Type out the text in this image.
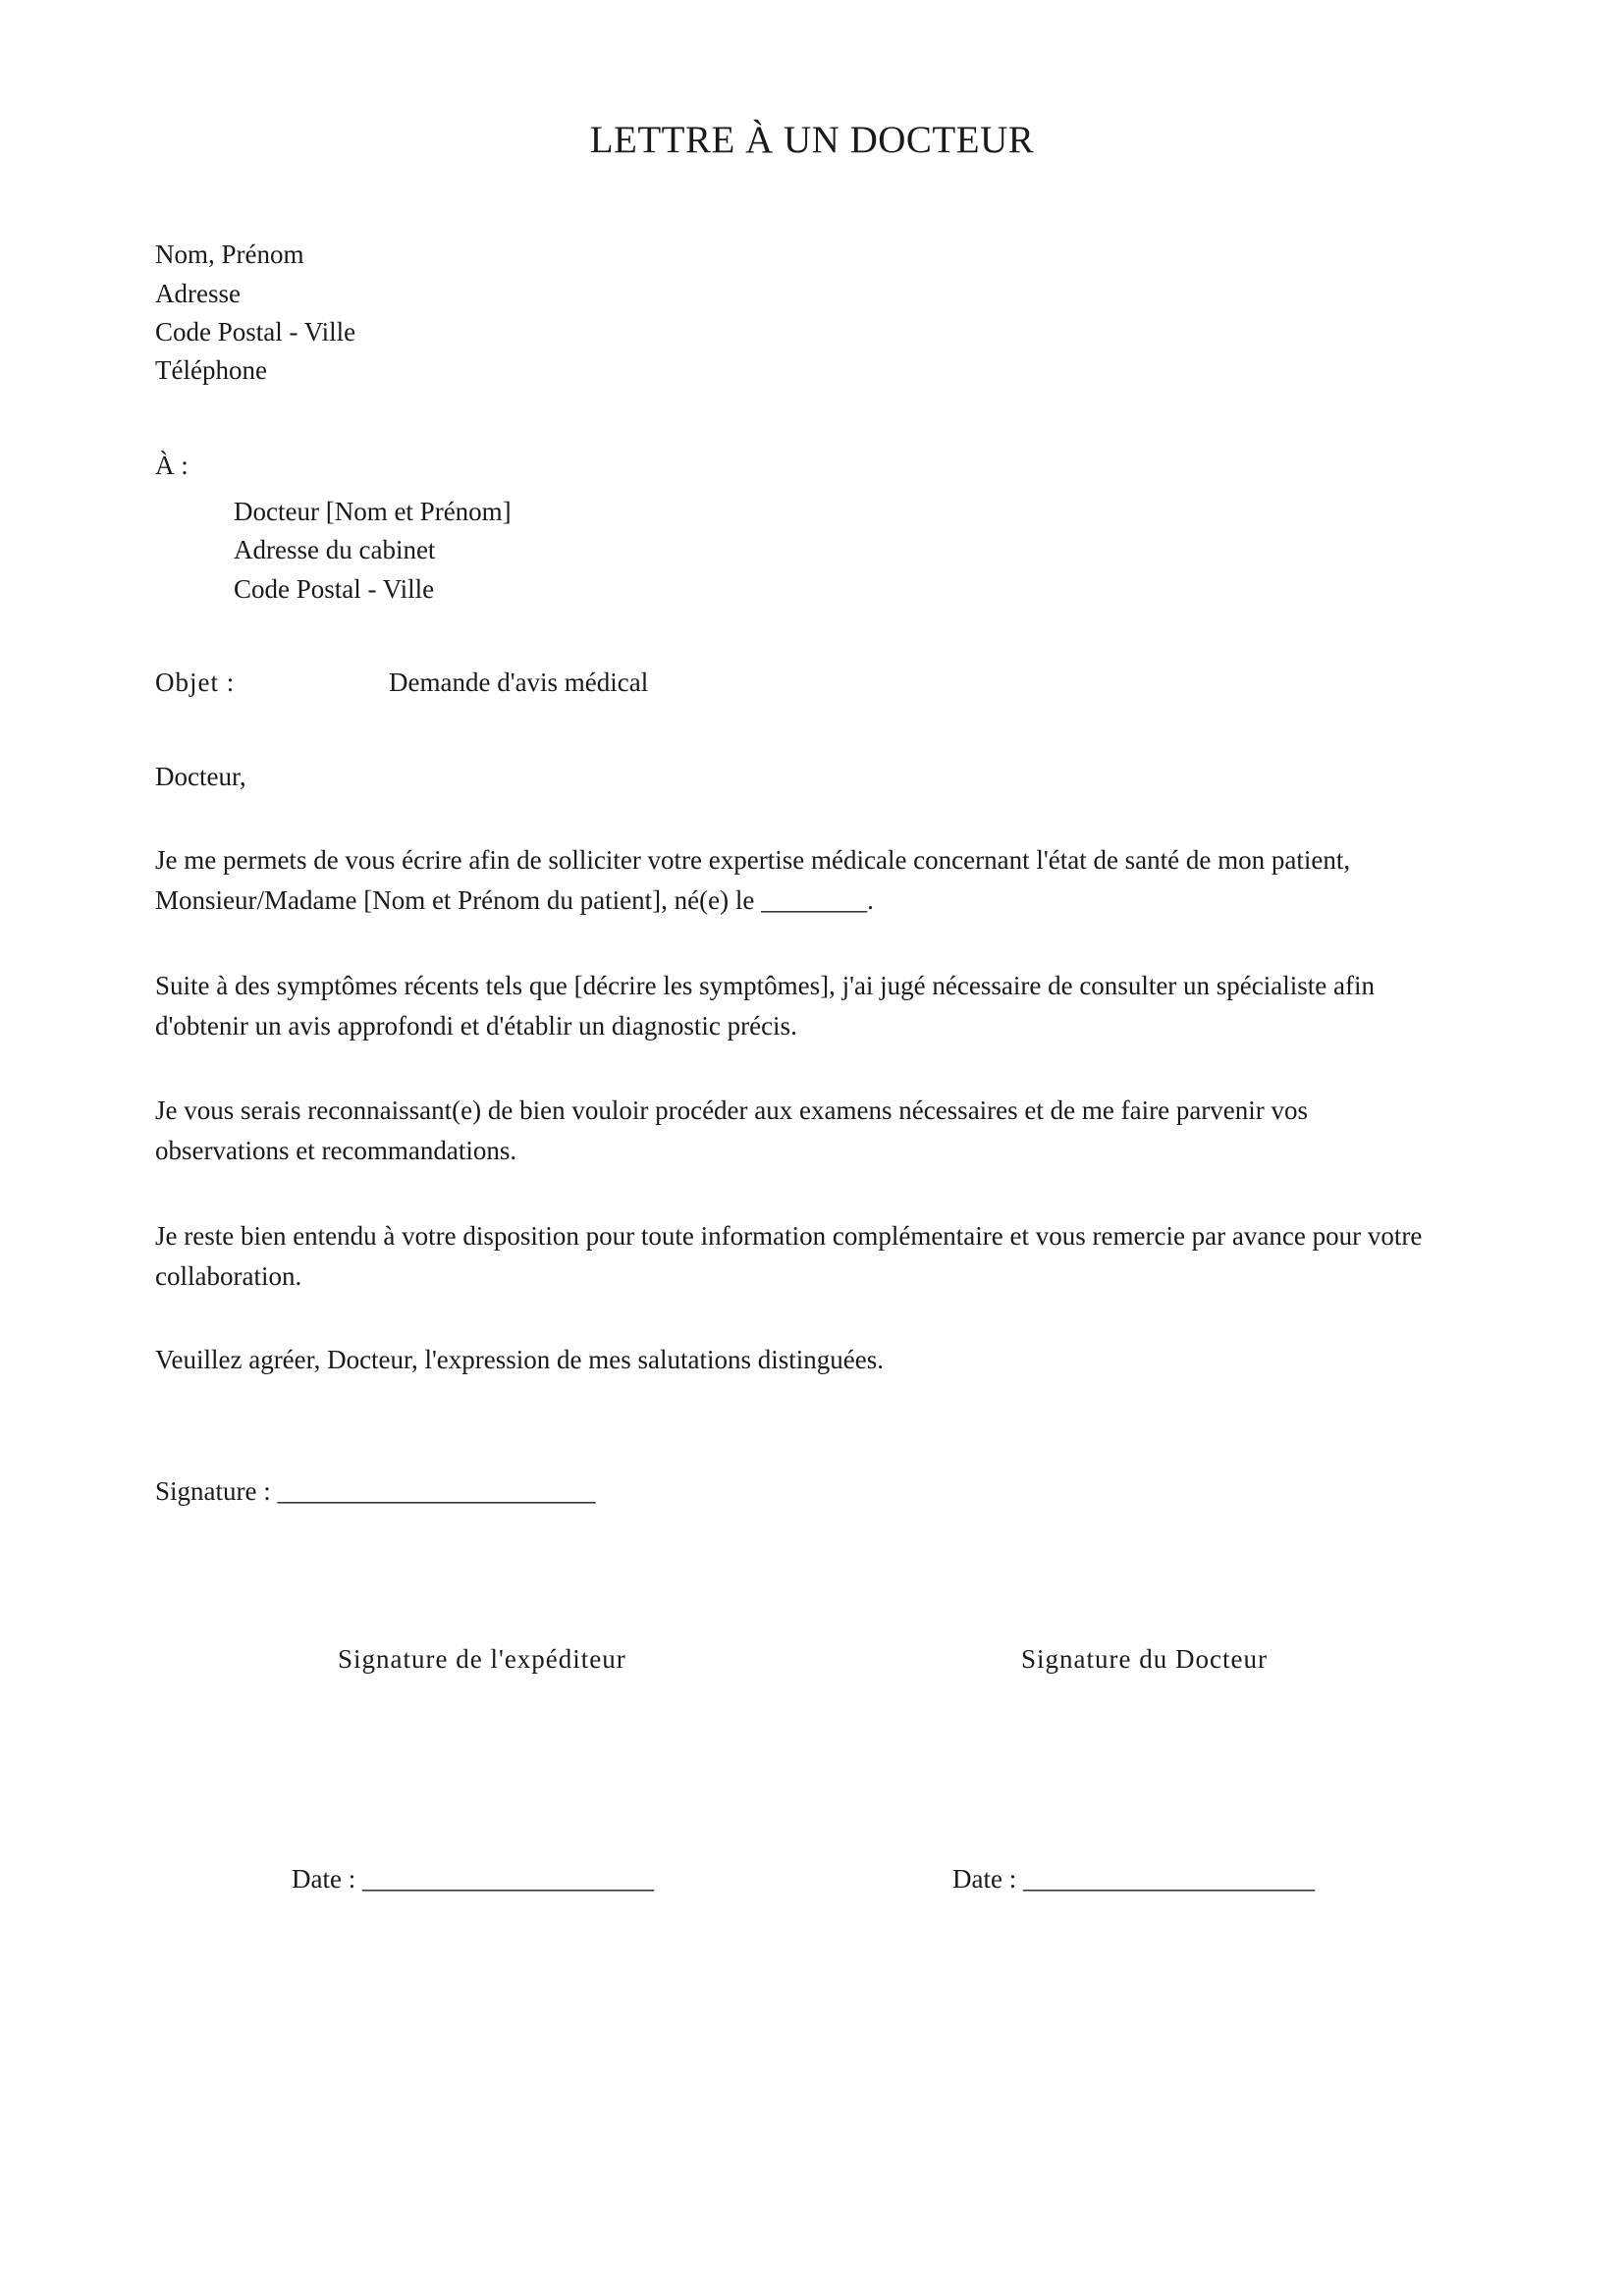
LETTRE À UN DOCTEUR
Nom, Prénom
Adresse
Code Postal - Ville
Téléphone
À :
Docteur [Nom et Prénom]
Adresse du cabinet
Code Postal - Ville
Objet :	Demande d'avis médical
Docteur,
Je me permets de vous écrire afin de solliciter votre expertise médicale concernant l'état de santé de mon patient,
Monsieur/Madame [Nom et Prénom du patient], né(e) le ________.
Suite à des symptômes récents tels que [décrire les symptômes], j'ai jugé nécessaire de consulter un spécialiste afin
d'obtenir un avis approfondi et d'établir un diagnostic précis.
Je vous serais reconnaissant(e) de bien vouloir procéder aux examens nécessaires et de me faire parvenir vos
observations et recommandations.
Je reste bien entendu à votre disposition pour toute information complémentaire et vous remercie par avance pour votre
collaboration.
Veuillez agréer, Docteur, l'expression de mes salutations distinguées.
Signature : ________________________
Signature de l'expéditeur	Signature du Docteur
Date : ______________________	Date : ______________________
